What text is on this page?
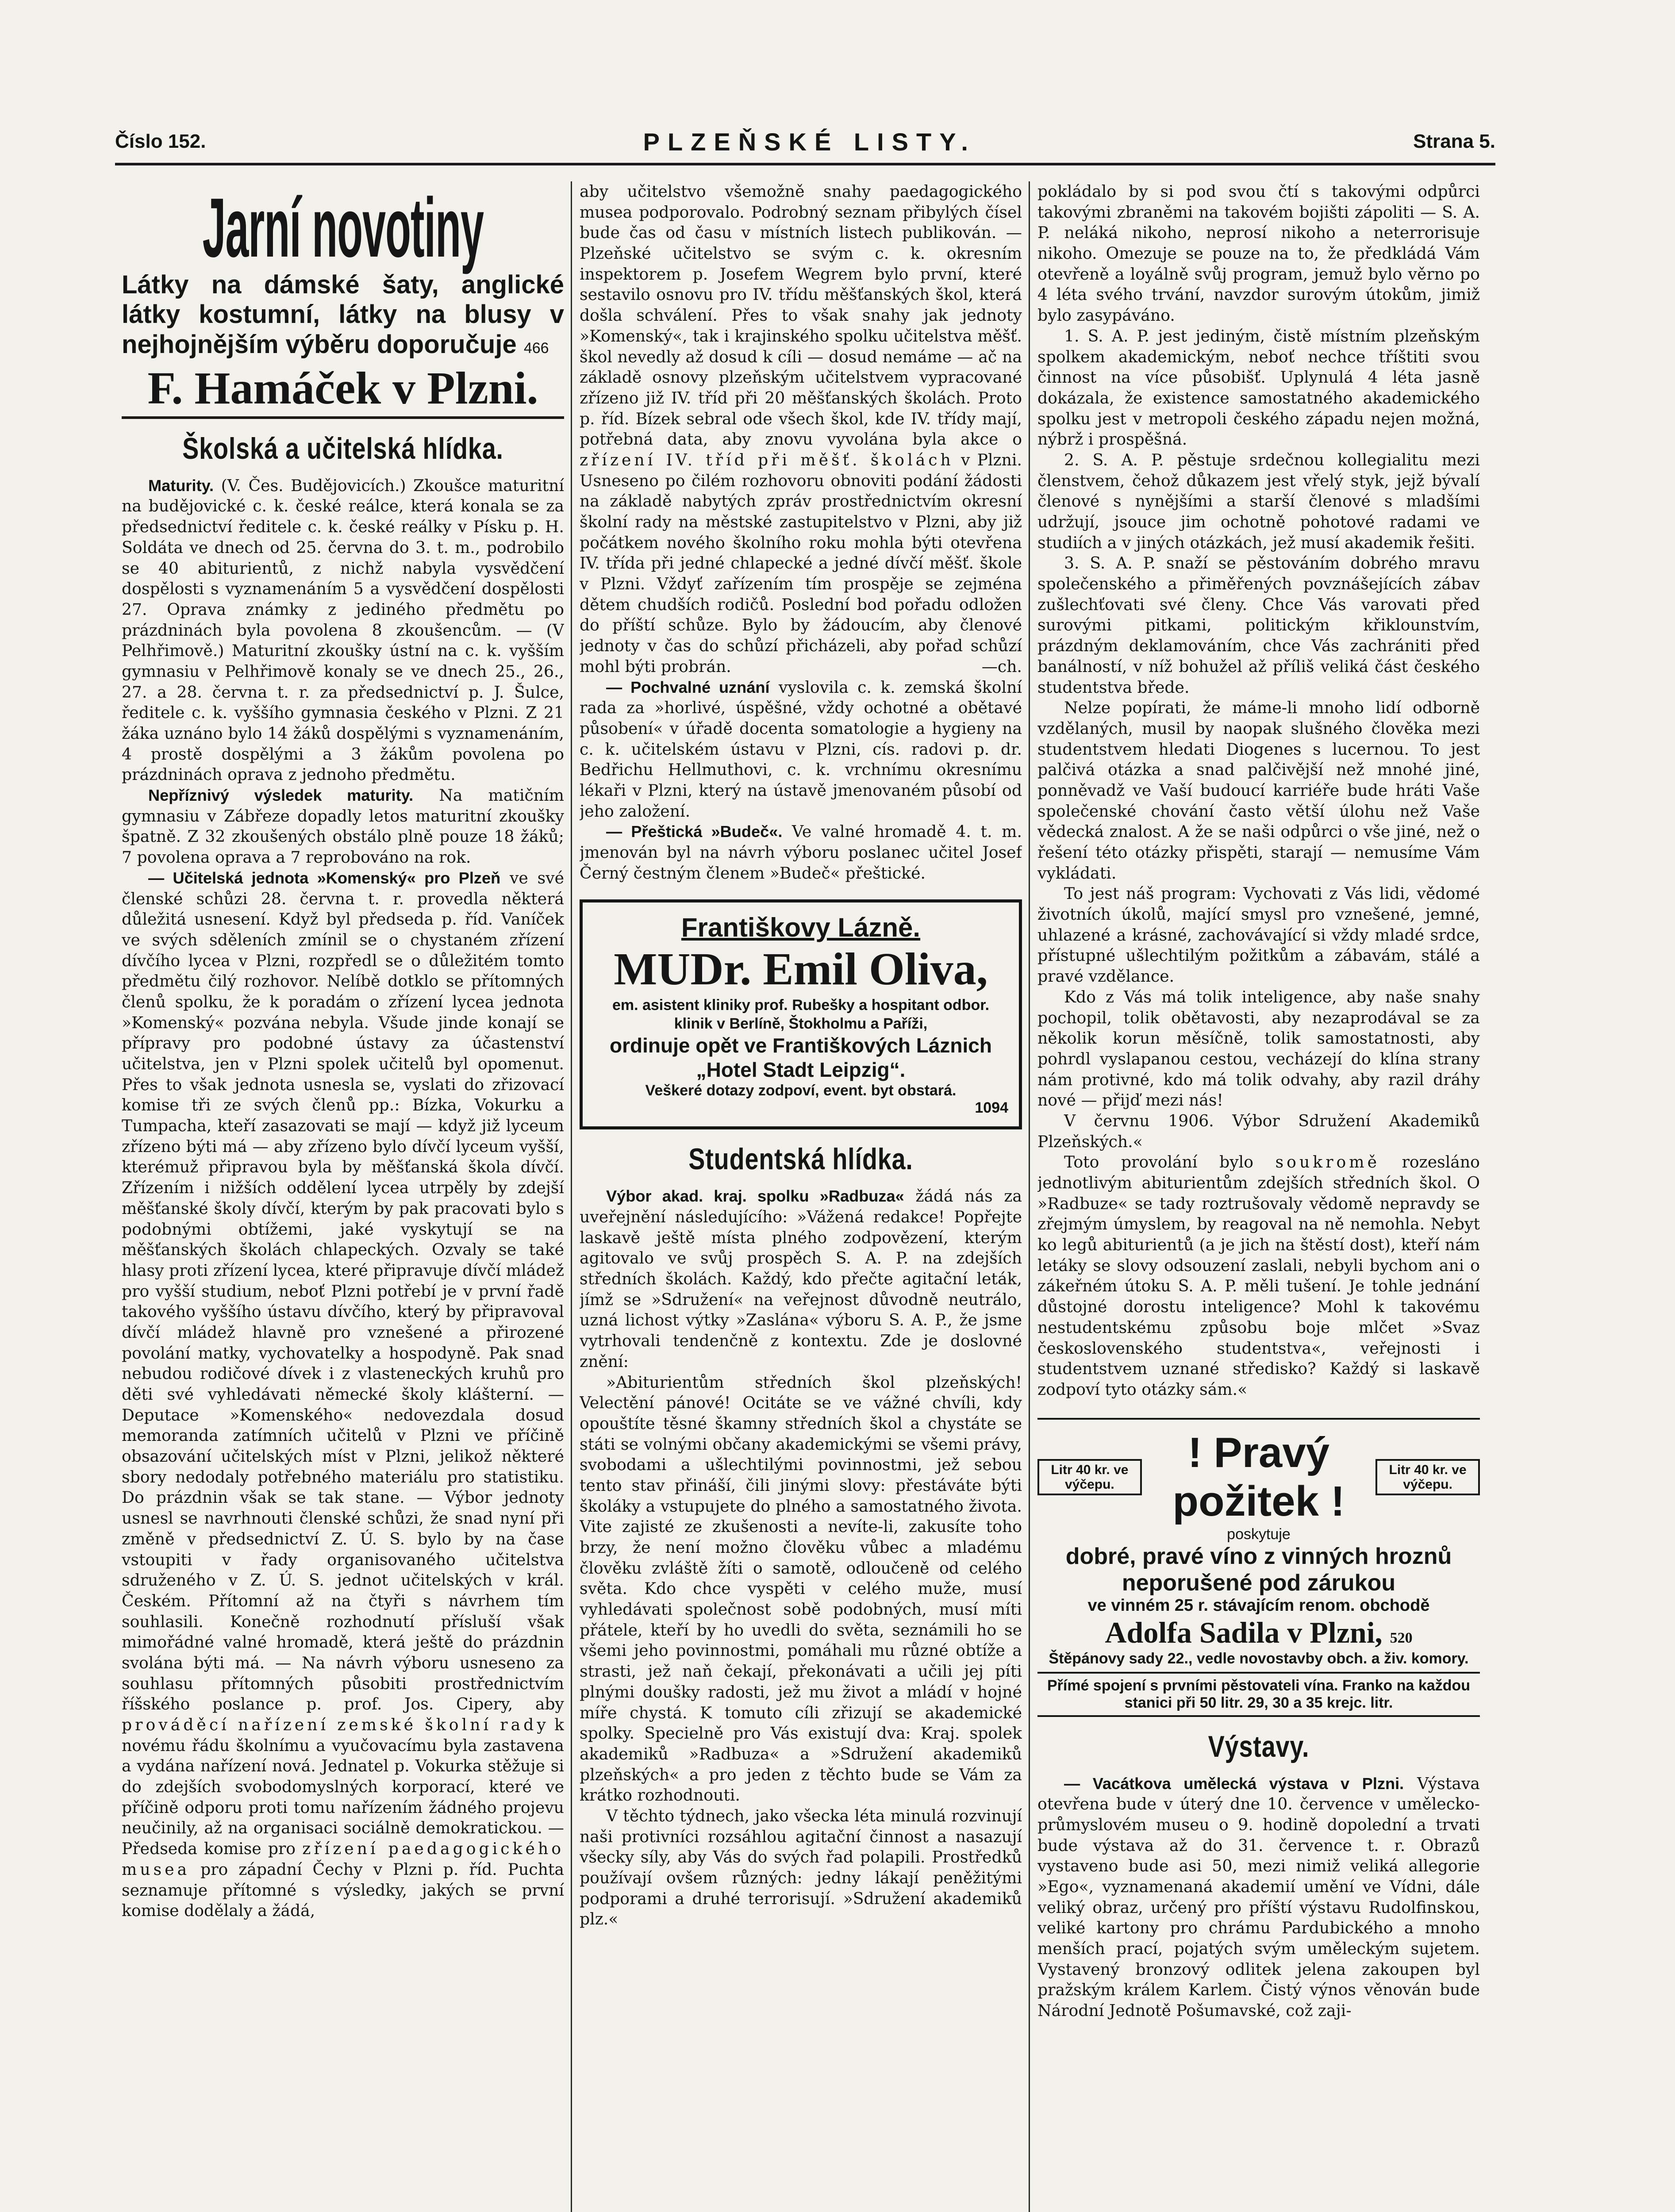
Číslo 152.	PLZEŇSKÉ LISTY.	Strana 5.
Jarní novotiny
Látky na dámské šaty, anglické látky kostumní, látky na blusy v nejhojnějším výběru doporučuje 466
F. Hamáček v Plzni.
Školská a učitelská hlídka.

Maturity. (V. Čes. Budějovicích.) Zkoušce maturitní na budějovické c. k. české reálce, která konala se za předsednictví ředitele c. k. české reálky v Písku p. H. Soldáta ve dnech od 25. června do 3. t. m., podrobilo se 40 abiturientů, z nichž nabyla vysvědčení dospělosti s vyznamenáním 5 a vysvědčení dospělosti 27. Oprava známky z jediného předmětu po prázdninách byla povolena 8 zkoušencům. — (V Pelhřimově.) Maturitní zkoušky ústní na c. k. vyšším gymnasiu v Pelhřimově konaly se ve dnech 25., 26., 27. a 28. června t. r. za předsednictví p. J. Šulce, ředitele c. k. vyššího gymnasia českého v Plzni. Z 21 žáka uznáno bylo 14 žáků dospělými s vyznamenáním, 4 prostě dospělými a 3 žákům povolena po prázdninách oprava z jednoho předmětu.

Nepříznivý výsledek maturity. Na matičním gymnasiu v Zábřeze dopadly letos maturitní zkoušky špatně. Z 32 zkoušených obstálo plně pouze 18 žáků; 7 povolena oprava a 7 reprobováno na rok.

— Učitelská jednota »Komenský« pro Plzeň ve své členské schůzi 28. června t. r. provedla některá důležitá usnesení. Když byl předseda p. říd. Vaníček ve svých sděleních zmínil se o chystaném zřízení dívčího lycea v Plzni, rozpředl se o důležitém tomto předmětu čilý rozhovor. Nelíbě dotklo se přítomných členů spolku, že k poradám o zřízení lycea jednota »Komenský« pozvána nebyla. Všude jinde konají se přípravy pro podobné ústavy za účastenství učitelstva, jen v Plzni spolek učitelů byl opomenut. Přes to však jednota usnesla se, vyslati do zřizovací komise tři ze svých členů pp.: Bízka, Vokurku a Tumpacha, kteří zasazovati se mají — když již lyceum zřízeno býti má — aby zřízeno bylo dívčí lyceum vyšší, kterémuž připravou byla by měšťanská škola dívčí. Zřízením i nižších oddělení lycea utrpěly by zdejší měšťanské školy dívčí, kterým by pak pracovati bylo s podobnými obtížemi, jaké vyskytují se na měšťanských školách chlapeckých. Ozvaly se také hlasy proti zřízení lycea, které připravuje dívčí mládež pro vyšší studium, neboť Plzni potřebí je v první řadě takového vyššího ústavu dívčího, který by připravoval dívčí mládež hlavně pro vznešené a přirozené povolání matky, vychovatelky a hospodyně. Pak snad nebudou rodičové dívek i z vlasteneckých kruhů pro děti své vyhledávati německé školy klášterní. — Deputace »Komenského« nedovezdala dosud memoranda zatímních učitelů v Plzni ve příčině obsazování učitelských míst v Plzni, jelikož některé sbory nedodaly potřebného materiálu pro statistiku. Do prázdnin však se tak stane. — Výbor jednoty usnesl se navrhnouti členské schůzi, že snad nyní při změně v předsednictví Z. Ú. S. bylo by na čase vstoupiti v řady organisovaného učitelstva sdruženého v Z. Ú. S. jednot učitelských v král. Českém. Přítomní až na čtyři s návrhem tím souhlasili. Konečně rozhodnutí přísluší však mimořádné valné hromadě, která ještě do prázdnin svolána býti má. — Na návrh výboru usneseno za souhlasu přítomných působiti prostřednictvím říšského poslance p. prof. Jos. Cipery, aby prováděcí nařízení zemské školní rady k novému řádu školnímu a vyučovacímu byla zastavena a vydána nařízení nová. Jednatel p. Vokurka stěžuje si do zdejších svobodomyslných korporací, které ve příčině odporu proti tomu nařízením žádného projevu neučinily, až na organisaci sociálně demokratickou. — Předseda komise pro zřízení paedagogického musea pro západní Čechy v Plzni p. říd. Puchta seznamuje přítomné s výsledky, jakých se první komise dodělaly a žádá,

aby učitelstvo všemožně snahy paedagogického musea podporovalo. Podrobný seznam přibylých čísel bude čas od času v místních listech publikován. — Plzeňské učitelstvo se svým c. k. okresním inspektorem p. Josefem Wegrem bylo první, které sestavilo osnovu pro IV. třídu měšťanských škol, která došla schválení. Přes to však snahy jak jednoty »Komenský«, tak i krajinského spolku učitelstva měšť. škol nevedly až dosud k cíli — dosud nemáme — ač na základě osnovy plzeňským učitelstvem vypracované zřízeno již IV. tříd při 20 měšťanských školách. Proto p. říd. Bízek sebral ode všech škol, kde IV. třídy mají, potřebná data, aby znovu vyvolána byla akce o zřízení IV. tříd při měšť. školách v Plzni. Usneseno po čilém rozhovoru obnoviti podání žádosti na základě nabytých zpráv prostřednictvím okresní školní rady na městské zastupitelstvo v Plzni, aby již počátkem nového školního roku mohla býti otevřena IV. třída při jedné chlapecké a jedné dívčí měšť. škole v Plzni. Vždyť zařízením tím prospěje se zejména dětem chudších rodičů. Poslední bod pořadu odložen do příští schůze. Bylo by žádoucím, aby členové jednoty v čas do schůzí přicházeli, aby pořad schůzí mohl býti probrán.	—ch.

— Pochvalné uznání vyslovila c. k. zemská školní rada za »horlivé, úspěšné, vždy ochotné a obětavé působení« v úřadě docenta somatologie a hygieny na c. k. učitelském ústavu v Plzni, cís. radovi p. dr. Bedřichu Hellmuthovi, c. k. vrchnímu okresnímu lékaři v Plzni, který na ústavě jmenovaném působí od jeho založení.

— Přeštická »Budeč«. Ve valné hromadě 4. t. m. jmenován byl na návrh výboru poslanec učitel Josef Černý čestným členem »Budeč« přeštické.

Františkovy Lázně.
MUDr. Emil Oliva,
em. asistent kliniky prof. Rubešky a hospitant odbor. klinik v Berlíně, Štokholmu a Paříži,
ordinuje opět ve Františkových Láznich „Hotel Stadt Leipzig“.
Veškeré dotazy zodpoví, event. byt obstará.
1094
Studentská hlídka.

Výbor akad. kraj. spolku »Radbuza« žádá nás za uveřejnění následujícího: »Vážená redakce! Popřejte laskavě ještě místa plného zodpovězení, kterým agitovalo ve svůj prospěch S. A. P. na zdejších středních školách. Každý, kdo přečte agitační leták, jímž se »Sdružení« na veřejnost důvodně neutrálo, uzná lichost výtky »Zaslána« výboru S. A. P., že jsme vytrhovali tendenčně z kontextu. Zde je doslovné znění:

»Abiturientům středních škol plzeňských! Velectění pánové! Ocitáte se ve vážné chvíli, kdy opouštíte těsné škamny středních škol a chystáte se státi se volnými občany akademickými se všemi právy, svobodami a ušlechtilými povinnostmi, jež sebou tento stav přináší, čili jinými slovy: přestáváte býti školáky a vstupujete do plného a samostatného života. Vite zajisté ze zkušenosti a nevíte-li, zakusíte toho brzy, že není možno člověku vůbec a mladému člověku zvláště žíti o samotě, odloučeně od celého světa. Kdo chce vyspěti v celého muže, musí vyhledávati společnost sobě podobných, musí míti přátele, kteří by ho uvedli do světa, seznámili ho se všemi jeho povinnostmi, pomáhali mu různé obtíže a strasti, jež naň čekají, překonávati a učili jej píti plnými doušky radosti, jež mu život a mládí v hojné míře chystá. K tomuto cíli zřizují se akademické spolky. Specielně pro Vás existují dva: Kraj. spolek akademiků »Radbuza« a »Sdružení akademiků plzeňských« a pro jeden z těchto bude se Vám za krátko rozhodnouti.

V těchto týdnech, jako všecka léta minulá rozvinují naši protivníci rozsáhlou agitační činnost a nasazují všecky síly, aby Vás do svých řad polapili. Prostředků používají ovšem různých: jedny lákají peněžitými podporami a druhé terrorisují. »Sdružení akademiků plz.«

pokládalo by si pod svou čtí s takovými odpůrci takovými zbraněmi na takovém bojišti zápoliti — S. A. P. neláká nikoho, neprosí nikoho a neterrorisuje nikoho. Omezuje se pouze na to, že předkládá Vám otevřeně a loyálně svůj program, jemuž bylo věrno po 4 léta svého trvání, navzdor surovým útokům, jimiž bylo zasypáváno.

1. S. A. P. jest jediným, čistě místním plzeňským spolkem akademickým, neboť nechce tříštiti svou činnost na více působišť. Uplynulá 4 léta jasně dokázala, že existence samostatného akademického spolku jest v metropoli českého západu nejen možná, nýbrž i prospěšná.

2. S. A. P. pěstuje srdečnou kollegialitu mezi členstvem, čehož důkazem jest vřelý styk, jejž bývalí členové s nynějšími a starší členové s mladšími udržují, jsouce jim ochotně pohotové radami ve studiích a v jiných otázkách, jež musí akademik řešiti.

3. S. A. P. snaží se pěstováním dobrého mravu společenského a přiměřených povznášejících zábav zušlechťovati své členy. Chce Vás varovati před surovými pitkami, politickým křiklounstvím, prázdným deklamováním, chce Vás zachrániti před banálností, v níž bohužel až příliš veliká část českého studentstva břede.

Nelze popírati, že máme-li mnoho lidí odborně vzdělaných, musil by naopak slušného člověka mezi studentstvem hledati Diogenes s lucernou. To jest palčivá otázka a snad palčivější než mnohé jiné, ponněvadž ve Vaší budoucí karriéře bude hráti Vaše společenské chování často větší úlohu než Vaše vědecká znalost. A že se naši odpůrci o vše jiné, než o řešení této otázky přispěti, starají — nemusíme Vám vykládati.

To jest náš program: Vychovati z Vás lidi, vědomé životních úkolů, mající smysl pro vznešené, jemné, uhlazené a krásné, zachovávající si vždy mladé srdce, přístupné ušlechtilým požitkům a zábavám, stálé a pravé vzdělance.

Kdo z Vás má tolik inteligence, aby naše snahy pochopil, tolik obětavosti, aby nezaprodával se za několik korun měsíčně, tolik samostatnosti, aby pohrdl vyslapanou cestou, vecházejí do klína strany nám protivné, kdo má tolik odvahy, aby razil dráhy nové — přijď mezi nás!

V červnu 1906. Výbor Sdružení Akademiků Plzeňských.«

Toto provolání bylo soukromě rozesláno jednotlivým abiturientům zdejších středních škol. O »Radbuze« se tady roztrušovaly vědomě nepravdy se zřejmým úmyslem, by reagoval na ně nemohla. Nebyt ko legů abiturientů (a je jich na štěstí dost), kteří nám letáky se slovy odsouzení zaslali, nebyli bychom ani o zákeřném útoku S. A. P. měli tušení. Je tohle jednání důstojné dorostu inteligence? Mohl k takovému nestudentskému způsobu boje mlčet »Svaz československého studentstva«, veřejnosti i studentstvem uznané středisko? Každý si laskavě zodpoví tyto otázky sám.«

Litr 40 kr. ve výčepu.
! Pravý požitek !
Litr 40 kr. ve výčepu.
poskytuje
dobré, pravé víno z vinných hroznů neporušené pod zárukou
ve vinném 25 r. stávajícím renom. obchodě
Adolfa Sadila v Plzni, 520
Štěpánovy sady 22., vedle novostavby obch. a živ. komory.
Přímé spojení s prvními pěstovateli vína. Franko na každou stanici při 50 litr. 29, 30 a 35 krejc. litr.
Výstavy.

— Vacátkova umělecká výstava v Plzni. Výstava otevřena bude v úterý dne 10. července v umělecko-průmyslovém museu o 9. hodině dopolední a trvati bude výstava až do 31. července t. r. Obrazů vystaveno bude asi 50, mezi nimiž veliká allegorie »Ego«, vyznamenaná akademií umění ve Vídni, dále veliký obraz, určený pro příští výstavu Rudolfinskou, veliké kartony pro chrámu Pardubického a mnoho menších prací, pojatých svým uměleckým sujetem. Vystavený bronzový odlitek jelena zakoupen byl pražským králem Karlem. Čistý výnos věnován bude Národní Jednotě Pošumavské, což zaji-
